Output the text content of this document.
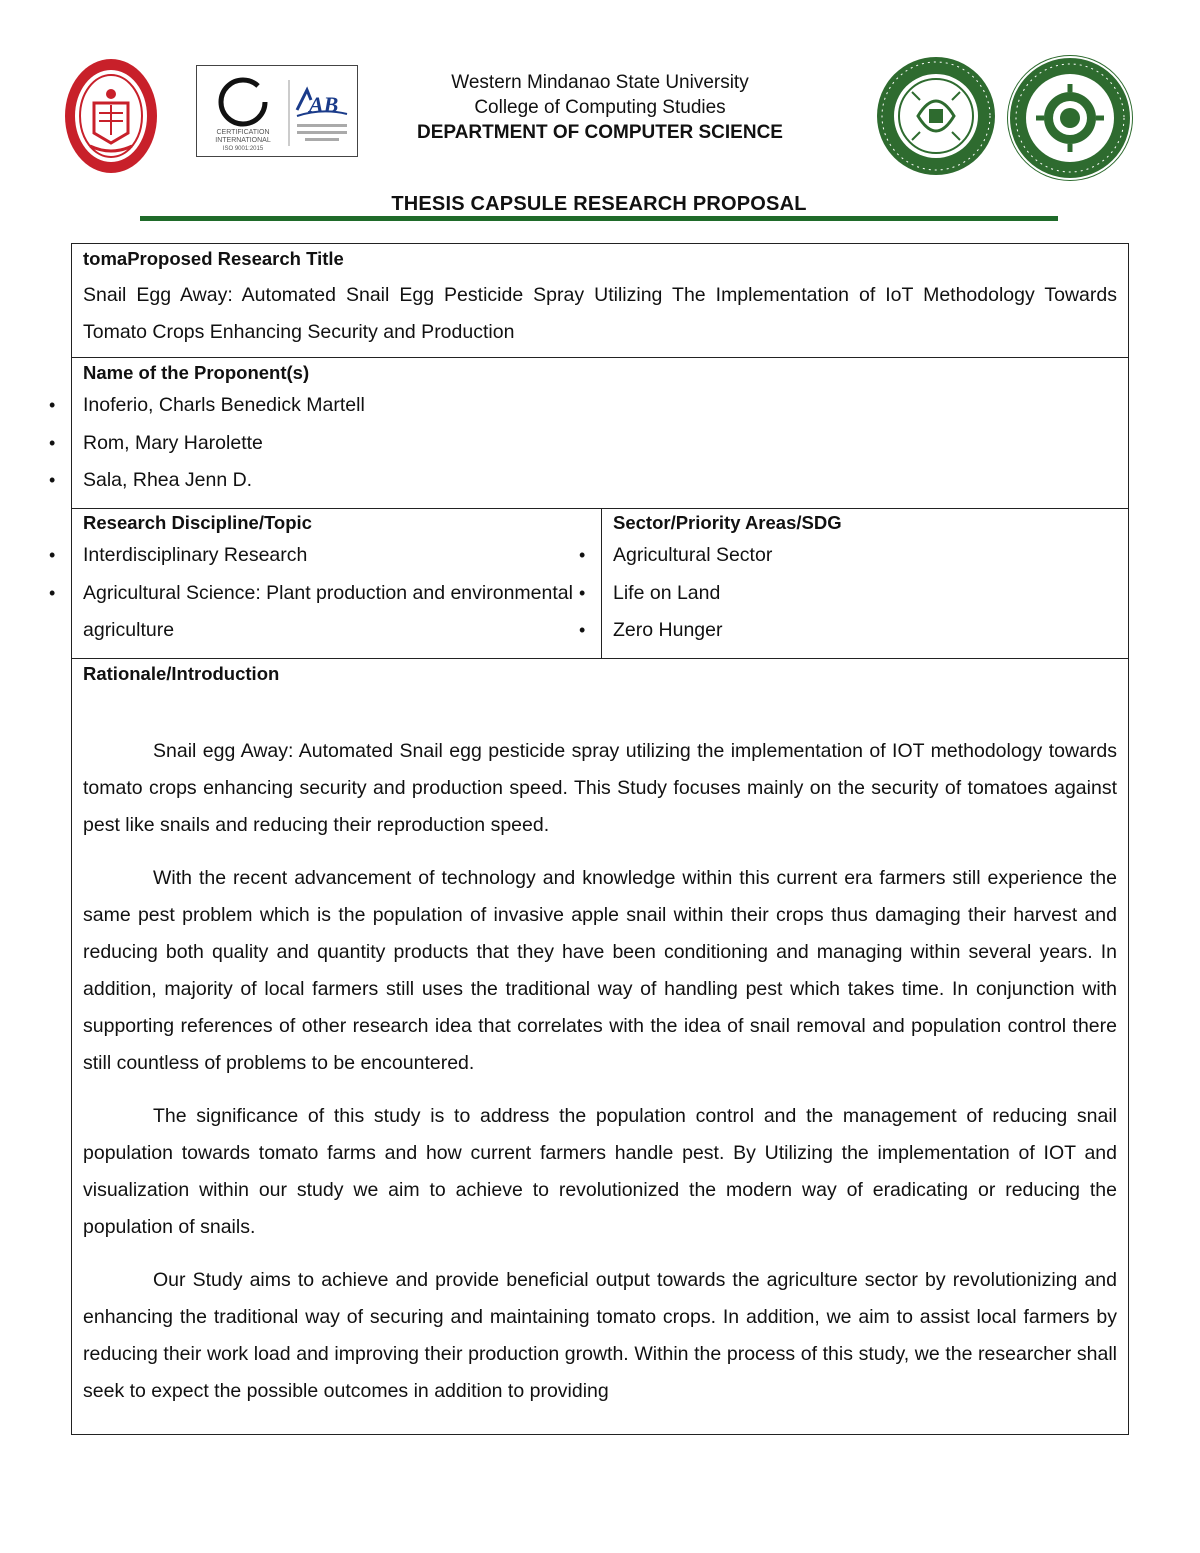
CERTIFICATION
INTERNATIONAL
ISO 9001:2015
AB
Western Mindanao State University
College of Computing Studies
DEPARTMENT OF COMPUTER SCIENCE
THESIS CAPSULE RESEARCH PROPOSAL
tomaProposed Research Title
Snail Egg Away: Automated Snail Egg Pesticide Spray Utilizing The Implementation of IoT Methodology Towards Tomato Crops Enhancing Security and Production
Name of the Proponent(s)
• Inoferio, Charls Benedick Martell
• Rom, Mary Harolette
• Sala, Rhea Jenn D.
Research Discipline/Topic
• Interdisciplinary Research
• Agricultural Science: Plant production and environmental agriculture
Sector/Priority Areas/SDG
• Agricultural Sector
• Life on Land
• Zero Hunger
Rationale/Introduction

Snail egg Away: Automated Snail egg pesticide spray utilizing the implementation of IOT methodology towards tomato crops enhancing security and production speed. This Study focuses mainly on the security of tomatoes against pest like snails and reducing their reproduction speed.

With the recent advancement of technology and knowledge within this current era farmers still experience the same pest problem which is the population of invasive apple snail within their crops thus damaging their harvest and reducing both quality and quantity products that they have been conditioning and managing within several years. In addition, majority of local farmers still uses the traditional way of handling pest which takes time. In conjunction with supporting references of other research idea that correlates with the idea of snail removal and population control there still countless of problems to be encountered.

The significance of this study is to address the population control and the management of reducing snail population towards tomato farms and how current farmers handle pest. By Utilizing the implementation of IOT and visualization within our study we aim to achieve to revolutionized the modern way of eradicating or reducing the population of snails.

Our Study aims to achieve and provide beneficial output towards the agriculture sector by revolutionizing and enhancing the traditional way of securing and maintaining tomato crops. In addition, we aim to assist local farmers by reducing their work load and improving their production growth. Within the process of this study, we the researcher shall seek to expect the possible outcomes in addition to providing
